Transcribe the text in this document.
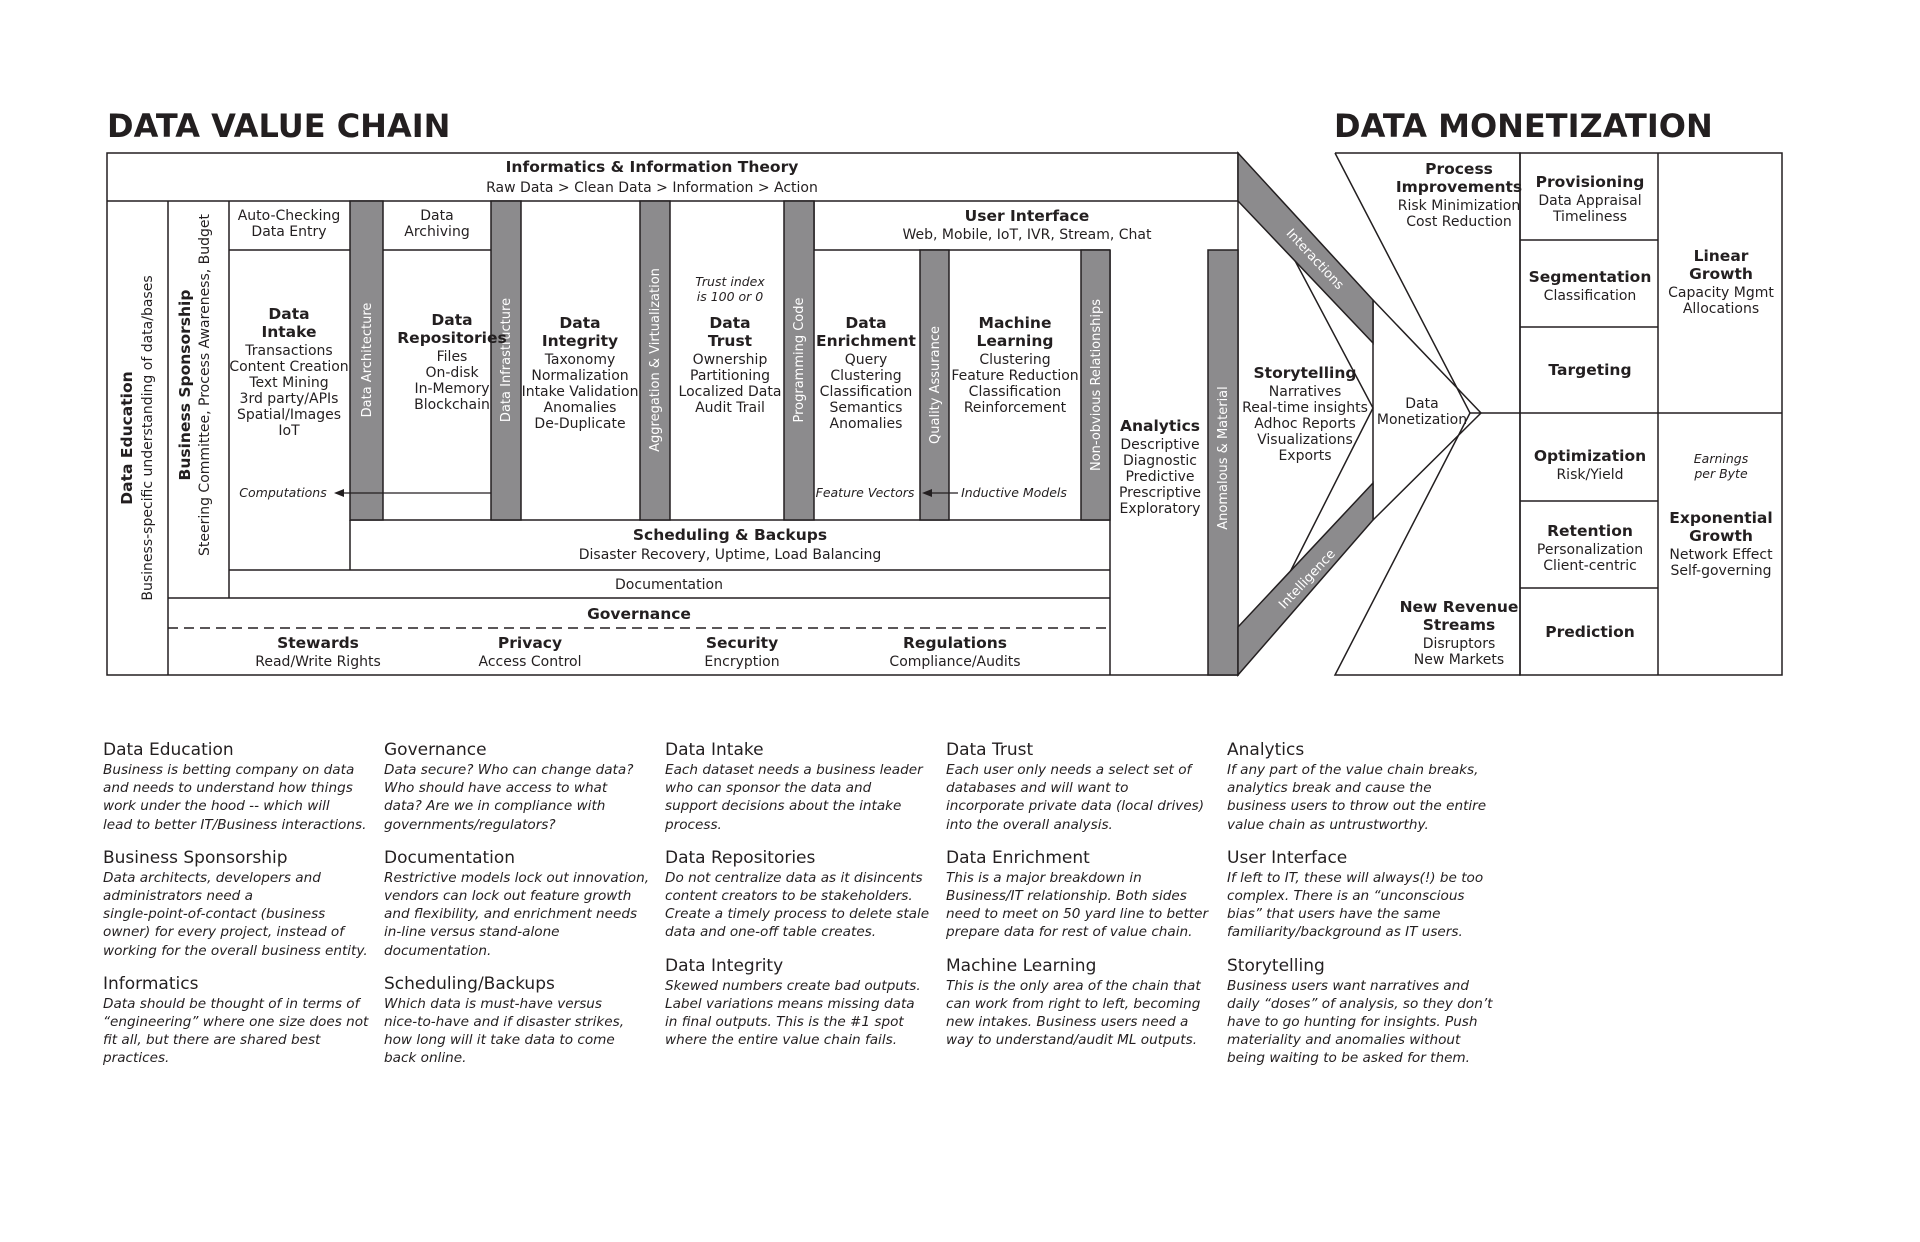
Data Architecture	Data Infrastructure	Aggregation & Virtualization	Programming Code	Quality Assurance	Non-obvious Relationships	Anomalous & Material
Interactions
Intelligence
DATA VALUE CHAIN	DATA MONETIZATION
Informatics & Information Theory
Raw Data > Clean Data > Information > Action
Data Education Business-specific understanding of data/bases Business Sponsorship Steering Committee, Process Awareness, Budget Auto-Checking
Data Entry
Data
Archiving
User Interface
Web, Mobile, IoT, IVR, Stream, Chat
Data
Intake
Transactions
Content Creation
Text Mining
3rd party/APIs
Spatial/Images
IoT
Data
Repositories
Files
On-disk
In-Memory
Blockchain
Data
Integrity
Taxonomy
Normalization
Intake Validation
Anomalies
De-Duplicate
Trust index
is 100 or 0
Data
Trust
Ownership
Partitioning
Localized Data
Audit Trail
Data
Enrichment
Query
Clustering
Classification
Semantics
Anomalies
Machine
Learning
Clustering
Feature Reduction
Classification
Reinforcement
Analytics
Descriptive
Diagnostic
Predictive
Prescriptive
Exploratory
Storytelling
Narratives
Real-time insights
Adhoc Reports
Visualizations
Exports
Process
Improvements
Risk Minimization
Cost Reduction
New Revenue
Streams
Disruptors
New Markets
Provisioning
Data Appraisal
Timeliness
Segmentation
Classification
Targeting
Optimization
Risk/Yield
Retention
Personalization
Client-centric
Prediction
Linear
Growth
Capacity Mgmt
Allocations
Exponential
Growth
Network Effect
Self-governing
Computations	Feature Vectors	Inductive Models
Scheduling & Backups
Disaster Recovery, Uptime, Load Balancing
Documentation
Governance
Stewards
Read/Write Rights
Privacy
Access Control
Security
Encryption
Regulations
Compliance/Audits
Data
Monetization
Earnings
per Byte
Data Education
Business is betting company on data
and needs to understand how things
work under the hood -- which will
lead to better IT/Business interactions.
Business Sponsorship
Data architects, developers and
administrators need a
single-point-of-contact (business
owner) for every project, instead of
working for the overall business entity.
Informatics
Data should be thought of in terms of
“engineering” where one size does not
fit all, but there are shared best
practices.
Governance
Data secure? Who can change data?
Who should have access to what
data? Are we in compliance with
governments/regulators?
Documentation
Restrictive models lock out innovation,
vendors can lock out feature growth
and flexibility, and enrichment needs
in-line versus stand-alone
documentation.
Scheduling/Backups
Which data is must-have versus
nice-to-have and if disaster strikes,
how long will it take data to come
back online.
Data Intake
Each dataset needs a business leader
who can sponsor the data and
support decisions about the intake
process.
Data Repositories
Do not centralize data as it disincents
content creators to be stakeholders.
Create a timely process to delete stale
data and one-off table creates.
Data Integrity
Skewed numbers create bad outputs.
Label variations means missing data
in final outputs. This is the #1 spot
where the entire value chain fails.
Data Trust
Each user only needs a select set of
databases and will want to
incorporate private data (local drives)
into the overall analysis.
Data Enrichment
This is a major breakdown in
Business/IT relationship. Both sides
need to meet on 50 yard line to better
prepare data for rest of value chain.
Machine Learning
This is the only area of the chain that
can work from right to left, becoming
new intakes. Business users need a
way to understand/audit ML outputs.
Analytics
If any part of the value chain breaks,
analytics break and cause the
business users to throw out the entire
value chain as untrustworthy.
User Interface
If left to IT, these will always(!) be too
complex. There is an “unconscious
bias” that users have the same
familiarity/background as IT users.
Storytelling
Business users want narratives and
daily “doses” of analysis, so they don’t
have to go hunting for insights. Push
materiality and anomalies without
being waiting to be asked for them.
